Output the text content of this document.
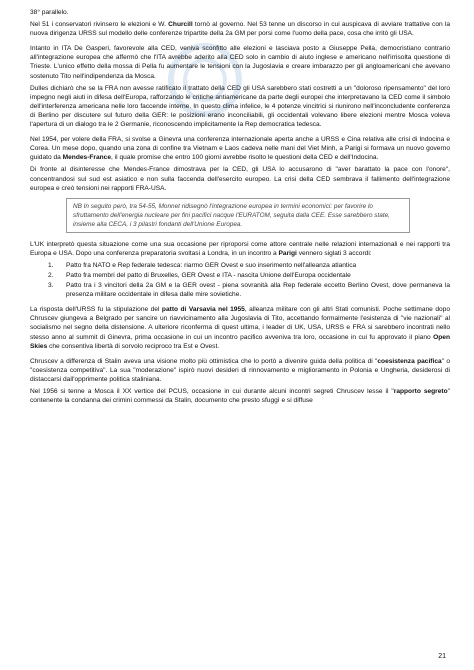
38° parallelo.

Nel 51 i conservatori rivinsero le elezioni e W. Churcill tornò al governo. Nel 53 tenne un discorso in cui auspicava di avviare trattative con la nuova dirigenza URSS sul modello delle conferenze tripartite della 2a GM per porsi come l'uomo della pace, cosa che irritò gli USA.

Intanto in ITA De Gasperi, favorevole alla CED, veniva sconfitto alle elezioni e lasciava posto a Giuseppe Pella, democristiano contrario all'integrazione europea che affermò che l'ITA avrebbe aderito alla CED solo in cambio di aiuto inglese e americano nell'irrisolta questione di Trieste. L'unico effetto della mossa di Pella fu aumentare le tensioni con la Jugoslavia e creare imbarazzo per gli angloamericani che avevano sostenuto Tito nell'indipendenza da Mosca.

Dulles dichiarò che se la FRA non avesse ratificato il trattato della CED gli USA sarebbero stati costretti a un "doloroso ripensamento" del loro impegno negli aiuti in difesa dell'Europa, rafforzando le critiche antiamericane da parte degli europei che interpretavano la CED come il simbolo dell'interferenza americana nelle loro faccende interne. In questo clima infelice, le 4 potenze vincitrici si riunirono nell'inconcludente conferenza di Berlino per discutere sul futuro della GER: le posizioni erano inconciliabili, gli occidentali volevano libere elezioni mentre Mosca voleva l'apertura di un dialogo tra le 2 Germanie, riconoscendo implicitamente la Rep democratica tedesca.

Nel 1954, per volere della FRA, si svolse a Ginevra una conferenza internazionale aperta anche a URSS e Cina relativa alle crisi di Indocina e Corea. Un mese dopo, quando una zona di confine tra Vietnam e Laos cadeva nelle mani del Viet Minh, a Parigi si formava un nuovo governo guidato da Mendes-France, il quale promise che entro 100 giorni avrebbe risolto le questioni della CED e dell'Indocina.

Di fronte al disinteresse che Mendes-France dimostrava per la CED, gli USA lo accusarono di "aver barattato la pace con l'onore", concentrandosi sul sud est asiatico e non sulla faccenda dell'esercito europeo. La crisi della CED sembrava il fallimento dell'integrazione europea e creò tensioni nei rapporti FRA-USA.

NB In seguito però, tra 54-55, Monnet ridisegnò l'integrazione europea in termini economici: per favorire lo sfruttamento dell'energia nucleare per fini pacifici nacque l'EURATOM, seguita dalla CEE. Esse sarebbero state, insieme alla CECA, i 3 pilastri fondanti dell'Unione Europea.

L'UK interpretò questa situazione come una sua occasione per riproporsi come attore centrale nelle relazioni internazionali e nei rapporti tra Europa e USA. Dopo una conferenza preparatoria svoltasi a Londra, in un incontro a Parigi vennero siglati 3 accordi:

1.	Patto fra NATO e Rep federale tedesca: riarmo GER Ovest e suo inserimento nell'alleanza atlantica
2.	Patto fra membri del patto di Bruxelles, GER Ovest e ITA - nascita Unione dell'Europa occidentale
3.	Patto tra i 3 vincitori della 2a GM e la GER ovest - piena sovranità alla Rep federale eccetto Berlino Ovest, dove permaneva la presenza militare occidentale in difesa dalle mire sovietiche.

La risposta dell'URSS fu la stipulazione del patto di Varsavia nel 1955, alleanza militare con gli altri Stati comunisti. Poche settimane dopo Chruscev giungeva a Belgrado per sancire un riavvicinamento alla Jugoslavia di Tito, accettando formalmente l'esistenza di "vie nazionali" al socialismo nel segno della distensione. A ulteriore riconferma di quest ultima, i leader di UK, USA, URSS e FRA si sarebbero incontrati nello stesso anno al summit di Ginevra, prima occasione in cui un incontro pacifico avveniva tra loro, occasione in cui fu approvato il piano Open Skies che consentiva libertà di sorvolo reciproco tra Est e Ovest.

Chruscev a differenza di Stalin aveva una visione molto più ottimistica che lo portò a divenire guida della politica di "coesistenza pacifica" o "coesistenza competitiva". La sua "moderazione" ispirò nuovi desideri di rinnovamento e miglioramento in Polonia e Ungheria, desiderosi di distaccarsi dall'opprimente politica staliniana.

Nel 1956 si tenne a Mosca il XX vertice del PCUS, occasione in cui durante alcuni incontri segreti Chruscev lesse il "rapporto segreto" contenente la condanna dei crimini commessi da Stalin, documento che presto sfuggì e si diffuse

21
